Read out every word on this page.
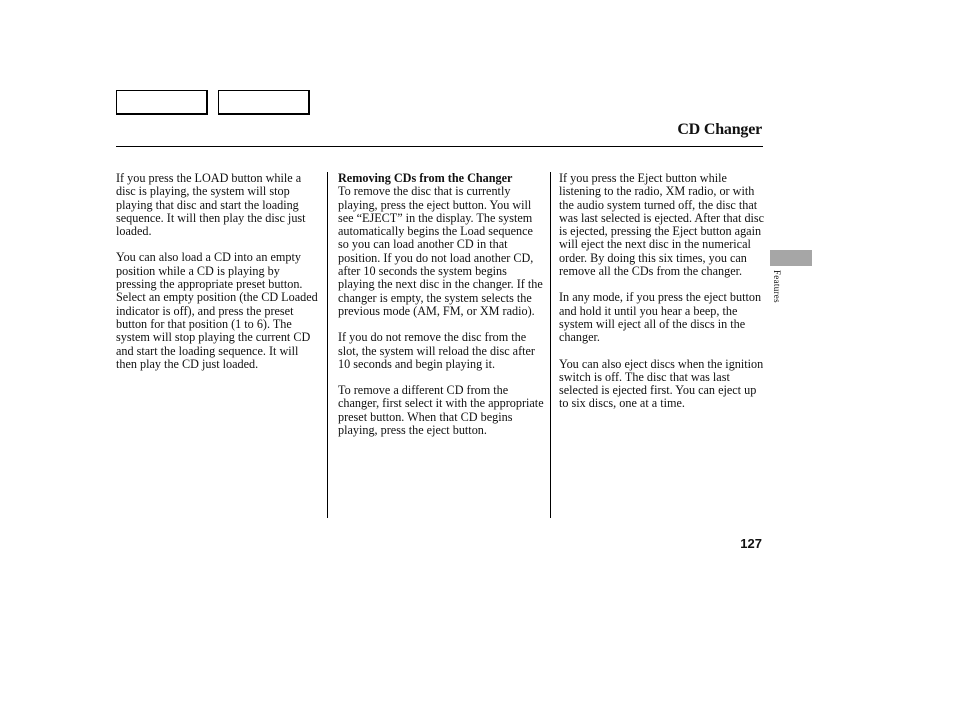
CD Changer

If you press the LOAD button while a disc is playing, the system will stop playing that disc and start the loading sequence. It will then play the disc just loaded.

You can also load a CD into an empty position while a CD is playing by pressing the appropriate preset button. Select an empty position (the CD Loaded indicator is off), and press the preset button for that position (1 to 6). The system will stop playing the current CD and start the loading sequence. It will then play the CD just loaded.

Removing CDs from the Changer
To remove the disc that is currently playing, press the eject button. You will see “EJECT” in the display. The system automatically begins the Load sequence so you can load another CD in that position. If you do not load another CD, after 10 seconds the system begins playing the next disc in the changer. If the changer is empty, the system selects the previous mode (AM, FM, or XM radio).

If you do not remove the disc from the slot, the system will reload the disc after 10 seconds and begin playing it.

To remove a different CD from the changer, first select it with the appropriate preset button. When that CD begins playing, press the eject button.

If you press the Eject button while listening to the radio, XM radio, or with the audio system turned off, the disc that was last selected is ejected. After that disc is ejected, pressing the Eject button again will eject the next disc in the numerical order. By doing this six times, you can remove all the CDs from the changer.

In any mode, if you press the eject button and hold it until you hear a beep, the system will eject all of the discs in the changer.

You can also eject discs when the ignition switch is off. The disc that was last selected is ejected first. You can eject up to six discs, one at a time.

Features
127
